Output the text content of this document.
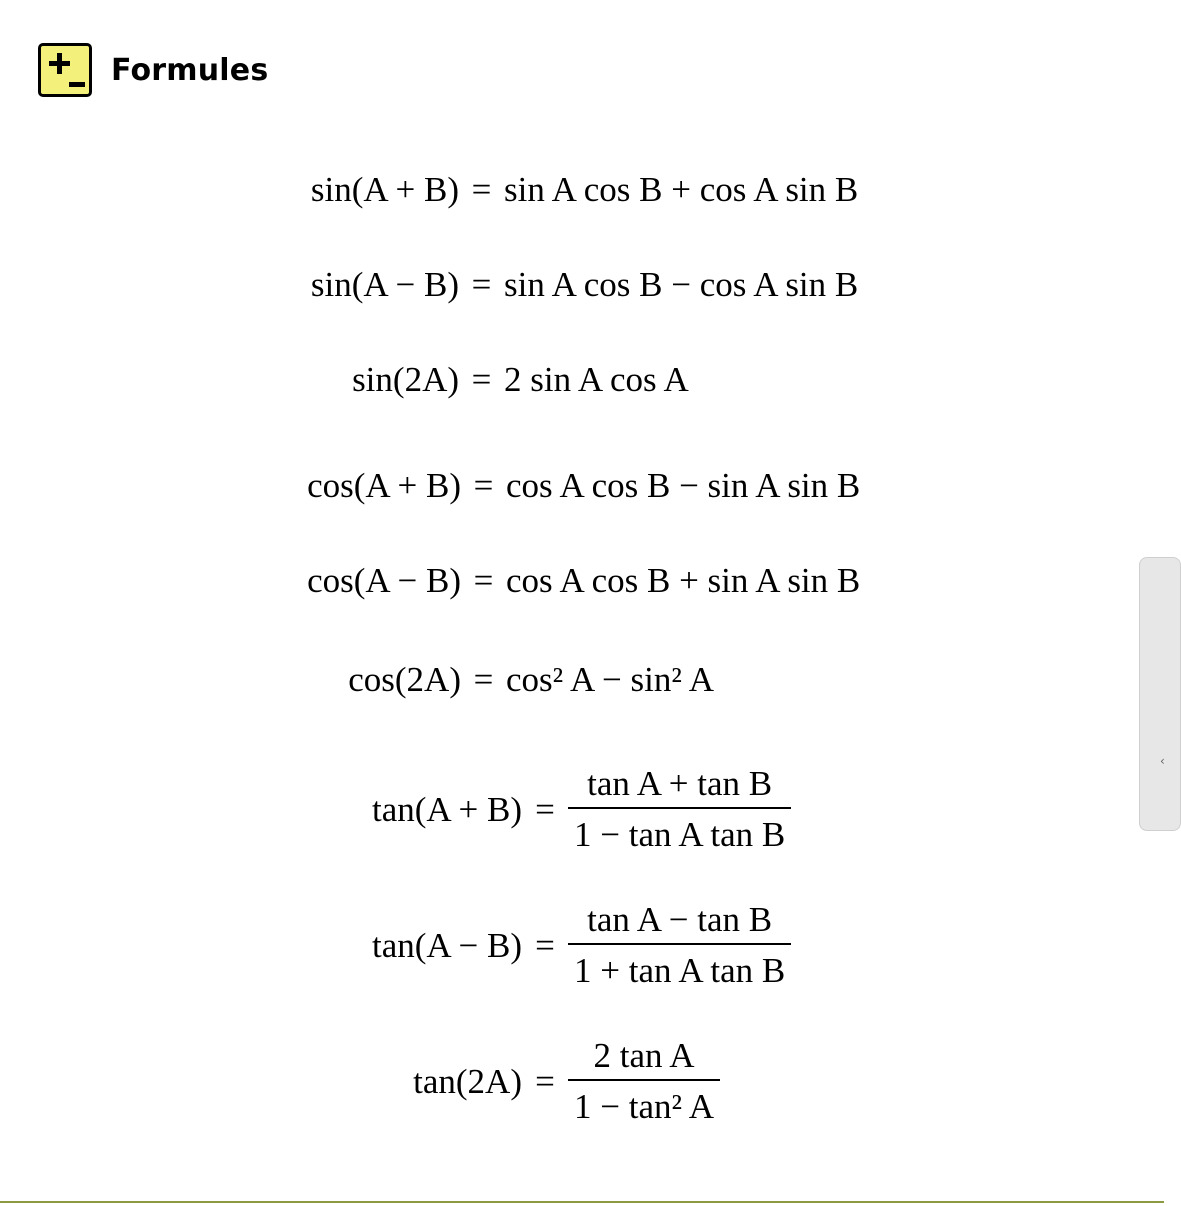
Formules
sin(A + B) = sin A cos B + cos A sin B
sin(A − B) = sin A cos B − cos A sin B
sin(2A) = 2 sin A cos A
cos(A + B) = cos A cos B − sin A sin B
cos(A − B) = cos A cos B + sin A sin B
cos(2A) = cos² A − sin² A
$\tan(A + B) = \frac{\text{tan A + tan B}}{\text{1 − tan A tan B}}$
$\tan(A - B) = \frac{\text{tan A − tan B}}{\text{1 + tan A tan B}}$
$\tan(2A) = \frac{\text{2 tan A}}{\text{1 − tan² A}}$
‹
